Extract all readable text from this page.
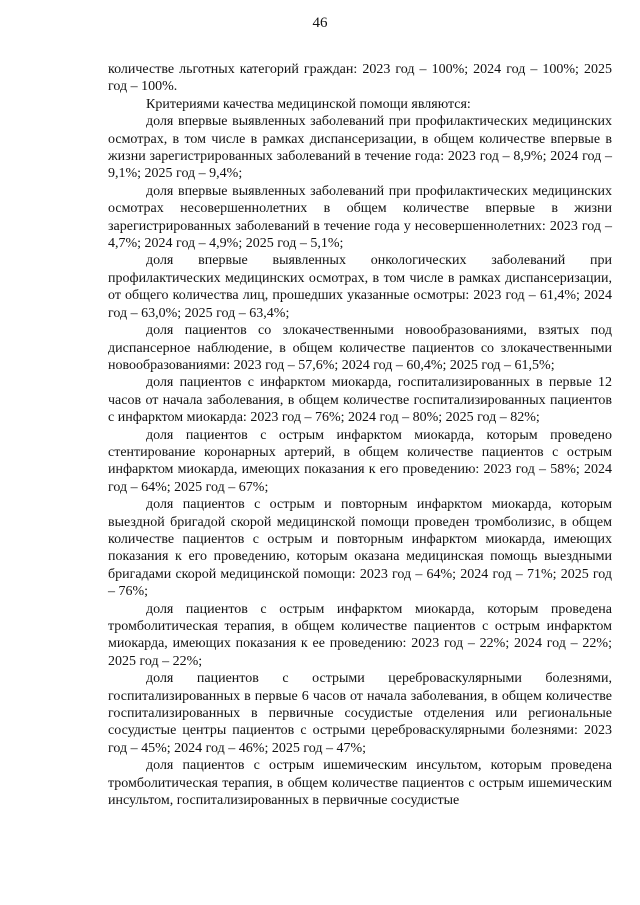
46

количестве льготных категорий граждан: 2023 год – 100%; 2024 год – 100%; 2025 год – 100%.

Критериями качества медицинской помощи являются:

доля впервые выявленных заболеваний при профилактических медицинских осмотрах, в том числе в рамках диспансеризации, в общем количестве впервые в жизни зарегистрированных заболеваний в течение года: 2023 год – 8,9%; 2024 год – 9,1%; 2025 год – 9,4%;

доля впервые выявленных заболеваний при профилактических медицинских осмотрах несовершеннолетних в общем количестве впервые в жизни зарегистрированных заболеваний в течение года у несовершеннолетних: 2023 год – 4,7%; 2024 год – 4,9%; 2025 год – 5,1%;

доля впервые выявленных онкологических заболеваний при профилактических медицинских осмотрах, в том числе в рамках диспансеризации, от общего количества лиц, прошедших указанные осмотры: 2023 год – 61,4%; 2024 год – 63,0%; 2025 год – 63,4%;

доля пациентов со злокачественными новообразованиями, взятых под диспансерное наблюдение, в общем количестве пациентов со злокачественными новообразованиями: 2023 год – 57,6%; 2024 год – 60,4%; 2025 год – 61,5%;

доля пациентов с инфарктом миокарда, госпитализированных в первые 12 часов от начала заболевания, в общем количестве госпитализированных пациентов с инфарктом миокарда: 2023 год – 76%; 2024 год – 80%; 2025 год – 82%;

доля пациентов с острым инфарктом миокарда, которым проведено стентирование коронарных артерий, в общем количестве пациентов с острым инфарктом миокарда, имеющих показания к его проведению: 2023 год – 58%; 2024 год – 64%; 2025 год – 67%;

доля пациентов с острым и повторным инфарктом миокарда, которым выездной бригадой скорой медицинской помощи проведен тромболизис, в общем количестве пациентов с острым и повторным инфарктом миокарда, имеющих показания к его проведению, которым оказана медицинская помощь выездными бригадами скорой медицинской помощи: 2023 год – 64%; 2024 год – 71%; 2025 год – 76%;

доля пациентов с острым инфарктом миокарда, которым проведена тромболитическая терапия, в общем количестве пациентов с острым инфарктом миокарда, имеющих показания к ее проведению: 2023 год – 22%; 2024 год – 22%; 2025 год – 22%;

доля пациентов с острыми цереброваскулярными болезнями, госпитализированных в первые 6 часов от начала заболевания, в общем количестве госпитализированных в первичные сосудистые отделения или региональные сосудистые центры пациентов с острыми цереброваскулярными болезнями: 2023 год – 45%; 2024 год – 46%; 2025 год – 47%;

доля пациентов с острым ишемическим инсультом, которым проведена тромболитическая терапия, в общем количестве пациентов с острым ишемическим инсультом, госпитализированных в первичные сосудистые
